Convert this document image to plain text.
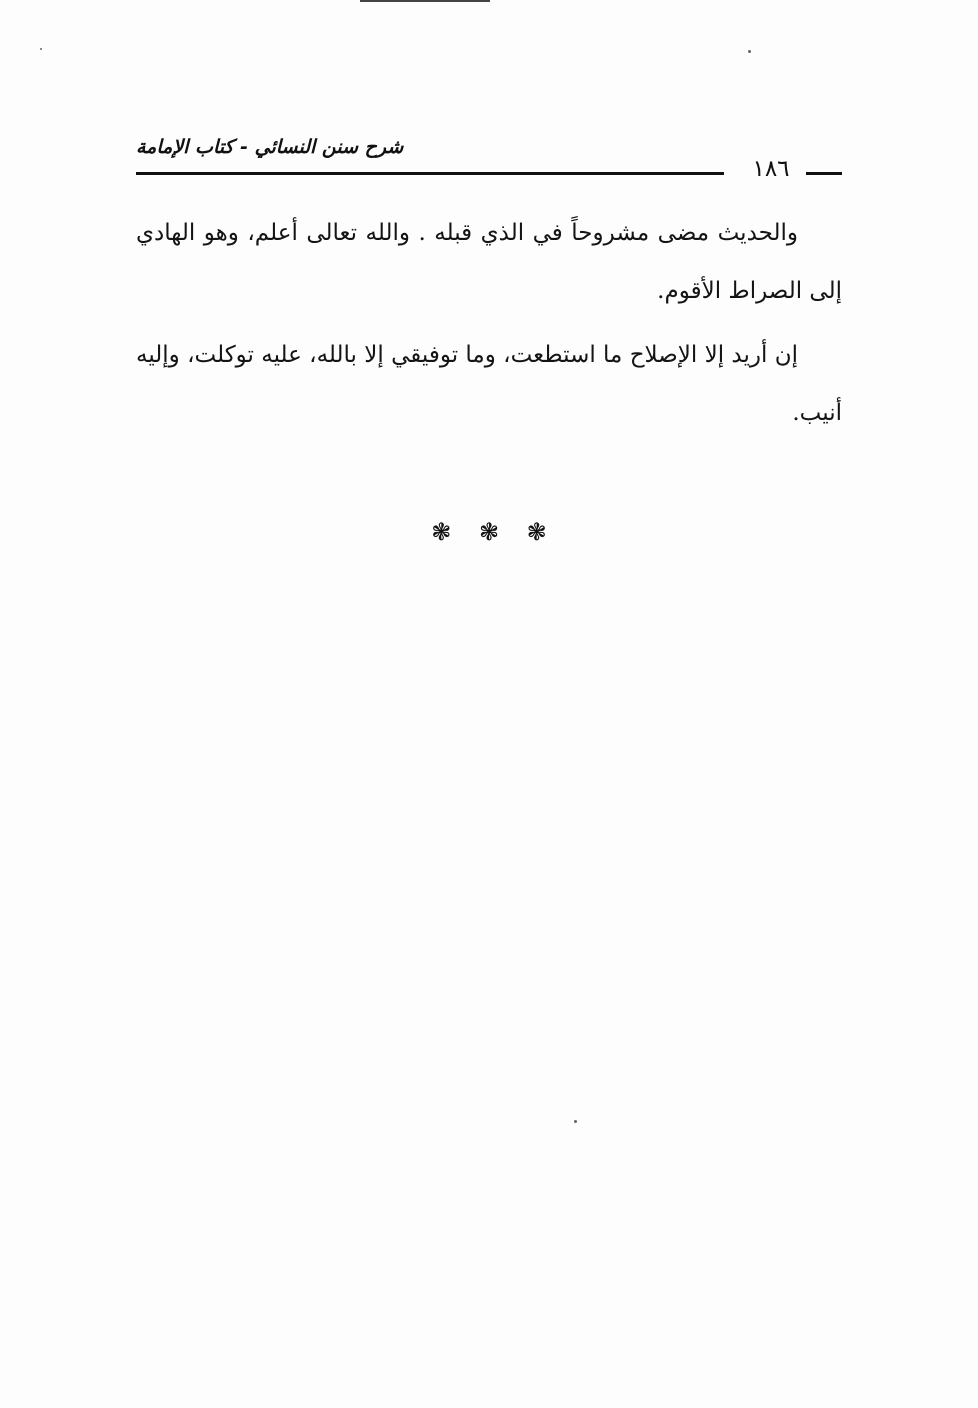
شرح سنن النسائي - كتاب الإمامة
١٨٦

والحديث مضى مشروحاً في الذي قبله . والله تعالى أعلم، وهو الهادي إلى الصراط الأقوم.

إن أريد إلا الإصلاح ما استطعت، وما توفيقي إلا بالله، عليه توكلت، وإليه أنيب.

❃ ❃ ❃
